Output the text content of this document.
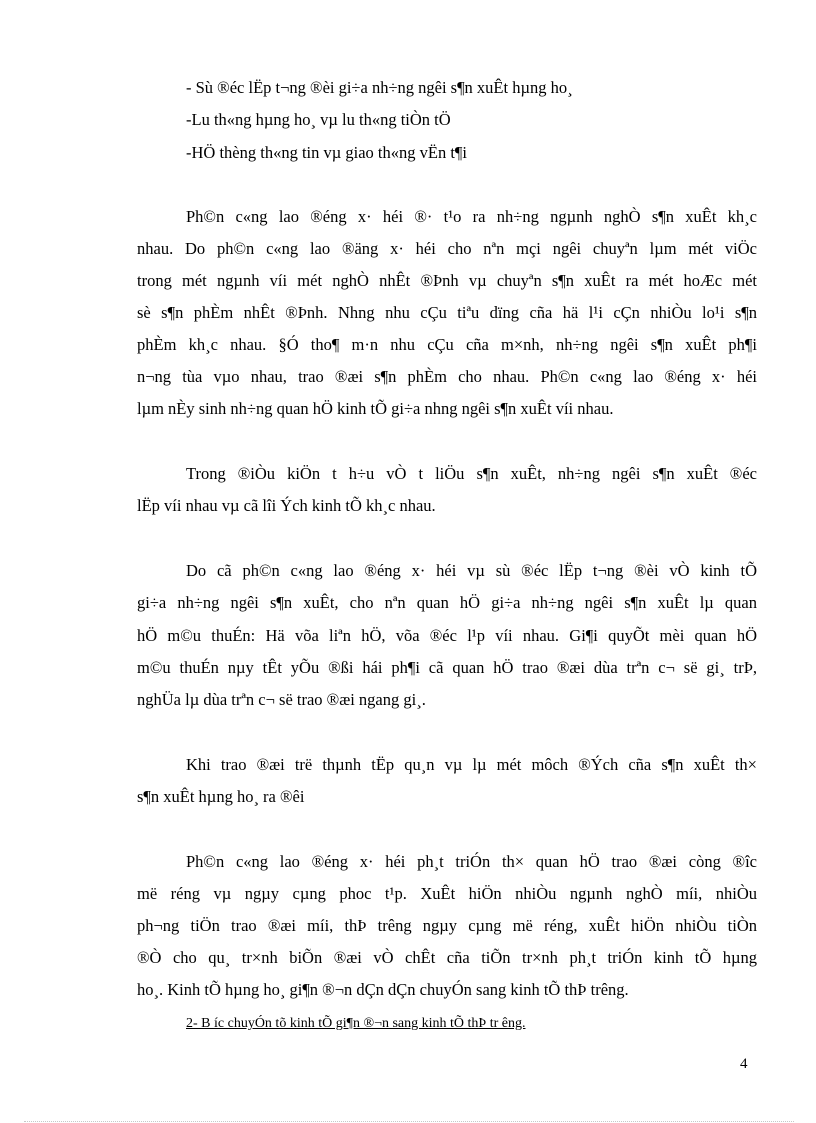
- Sù ®éc lËp t¬ng ®èi gi÷a nh÷ng ngêi s¶n xuÊt hµng ho¸
-Lu th«ng hµng ho¸ vµ lu th«ng tiÒn tÖ
-HÖ thèng th«ng tin vµ giao th«ng vËn t¶i
Ph©n c«ng lao ®éng x· héi ®· t¹o ra nh÷ng ngµnh nghÒ s¶n xuÊt kh¸c
nhau. Do ph©n c«ng lao ®äng x· héi cho nªn mçi ngêi chuyªn lµm mét viÖc
trong mét ngµnh víi mét nghÒ nhÊt ®Þnh vµ chuyªn s¶n xuÊt ra mét hoÆc mét
sè s¶n phÈm nhÊt ®Þnh. Nhng nhu cÇu tiªu dïng cña hä l¹i cÇn nhiÒu lo¹i s¶n
phÈm kh¸c nhau. §Ó tho¶ m·n nhu cÇu cña m×nh, nh÷ng ngêi s¶n xuÊt ph¶i
n¬ng tùa vµo nhau, trao ®æi s¶n phÈm cho nhau. Ph©n c«ng lao ®éng x· héi
lµm nÈy sinh nh÷ng quan hÖ kinh tÕ gi÷a nhng ngêi s¶n xuÊt víi nhau.
Trong ®iÒu kiÖn t h÷u vÒ t liÖu s¶n xuÊt, nh÷ng ngêi s¶n xuÊt ®éc
lËp víi nhau vµ cã lîi Ých kinh tÕ kh¸c nhau.
Do cã ph©n c«ng lao ®éng x· héi vµ sù ®éc lËp t¬ng ®èi vÒ kinh tÕ
gi÷a nh÷ng ngêi s¶n xuÊt, cho nªn quan hÖ gi÷a nh÷ng ngêi s¶n xuÊt lµ quan
hÖ m©u thuÉn: Hä võa liªn hÖ, võa ®éc l¹p víi nhau. Gi¶i quyÕt mèi quan hÖ
m©u thuÉn nµy tÊt yÕu ®ßi hái ph¶i cã quan hÖ trao ®æi dùa trªn c¬ së gi¸ trÞ,
nghÜa lµ dùa trªn c¬ së trao ®æi ngang gi¸.
Khi trao ®æi trë thµnh tËp qu¸n vµ lµ mét môch ®Ých cña s¶n xuÊt th×
s¶n xuÊt hµng ho¸ ra ®êi
Ph©n c«ng lao ®éng x· héi ph¸t triÓn th× quan hÖ trao ®æi còng ®îc
më réng vµ ngµy cµng phoc t¹p. XuÊt hiÖn nhiÒu ngµnh nghÒ míi, nhiÒu
ph¬ng tiÖn trao ®æi míi, thÞ trêng ngµy cµng më réng, xuÊt hiÖn nhiÒu tiÒn
®Ò cho qu¸ tr×nh biÕn ®æi vÒ chÊt cña tiÕn tr×nh ph¸t triÓn kinh tÕ hµng
ho¸. Kinh tÕ hµng ho¸ gi¶n ®¬n dÇn dÇn chuyÓn sang kinh tÕ thÞ trêng.
2- B íc chuyÓn tõ kinh tÕ gi¶n ®¬n sang kinh tÕ thÞ tr êng.
4
